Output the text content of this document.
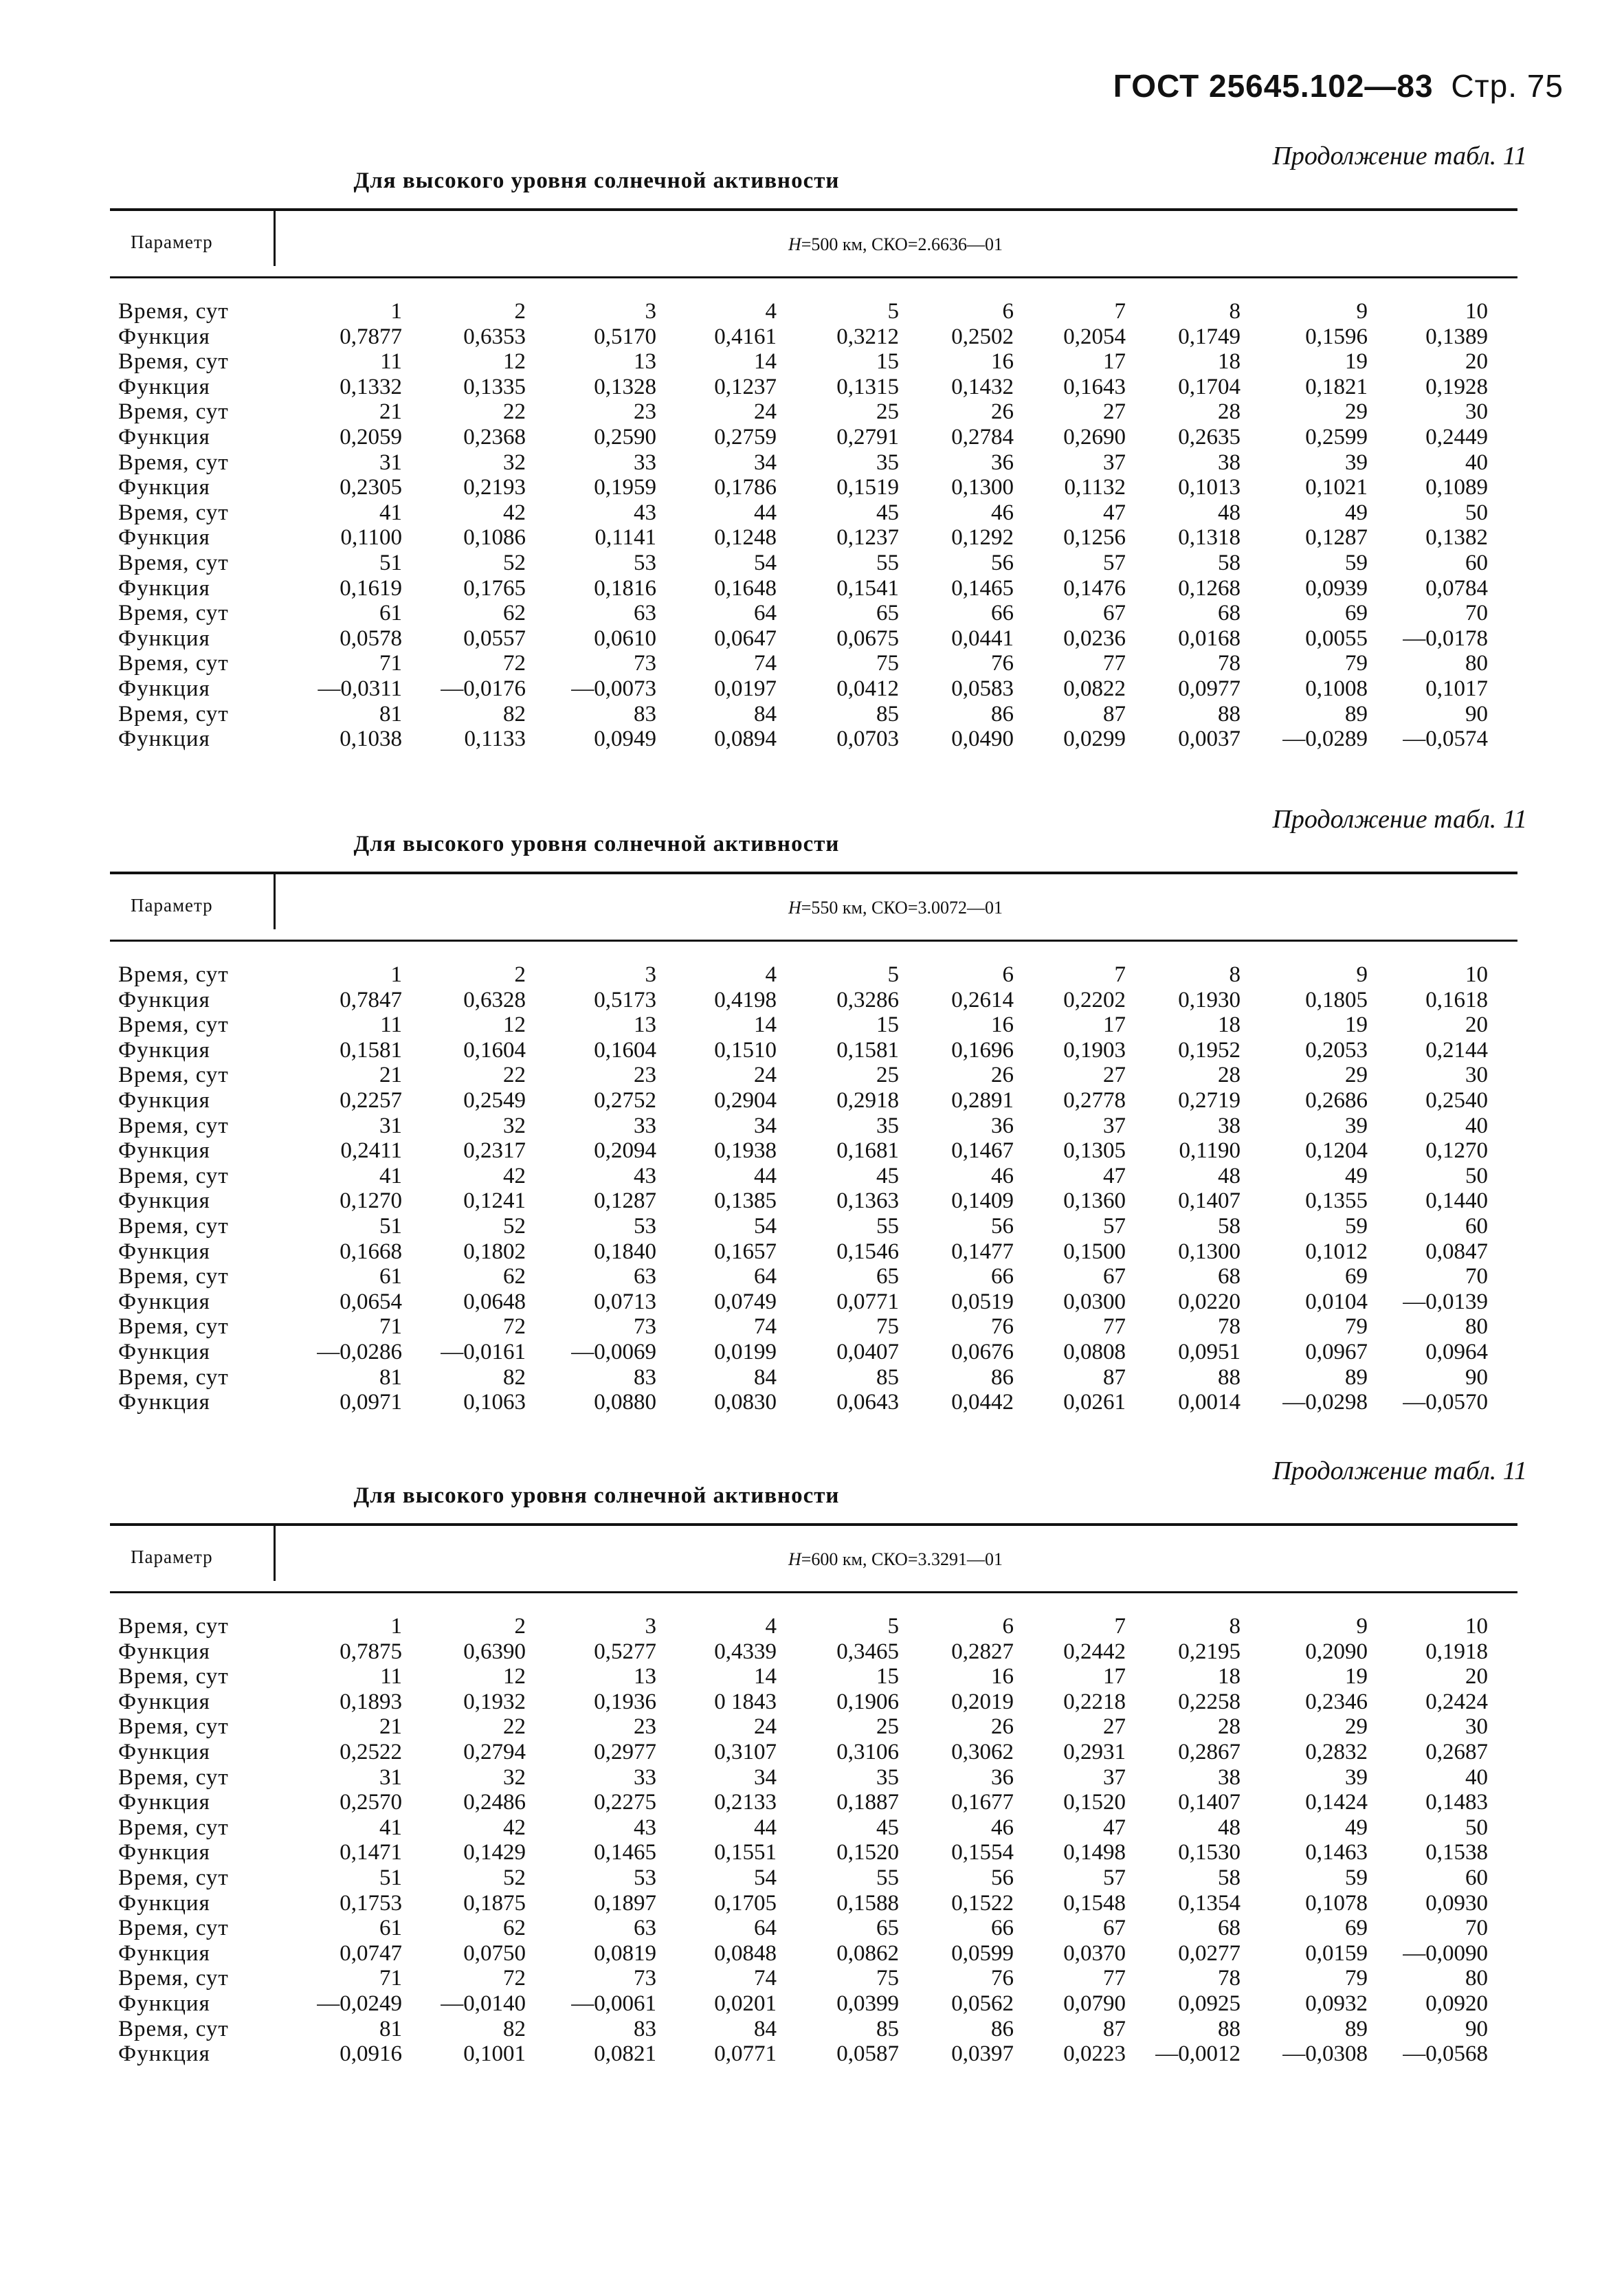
ГОСТ 25645.102—83 Стр. 75
Продолжение табл. 11
Для высокого уровня солнечной активности
Параметр	H=500 км, СКО=2.6636—01
Время, сут	1	2	3	4	5	6	7	8	9	10
Функция	0,7877	0,6353	0,5170	0,4161	0,3212	0,2502	0,2054	0,1749	0,1596	0,1389
Время, сут	11	12	13	14	15	16	17	18	19	20
Функция	0,1332	0,1335	0,1328	0,1237	0,1315	0,1432	0,1643	0,1704	0,1821	0,1928
Время, сут	21	22	23	24	25	26	27	28	29	30
Функция	0,2059	0,2368	0,2590	0,2759	0,2791	0,2784	0,2690	0,2635	0,2599	0,2449
Время, сут	31	32	33	34	35	36	37	38	39	40
Функция	0,2305	0,2193	0,1959	0,1786	0,1519	0,1300	0,1132	0,1013	0,1021	0,1089
Время, сут	41	42	43	44	45	46	47	48	49	50
Функция	0,1100	0,1086	0,1141	0,1248	0,1237	0,1292	0,1256	0,1318	0,1287	0,1382
Время, сут	51	52	53	54	55	56	57	58	59	60
Функция	0,1619	0,1765	0,1816	0,1648	0,1541	0,1465	0,1476	0,1268	0,0939	0,0784
Время, сут	61	62	63	64	65	66	67	68	69	70
Функция	0,0578	0,0557	0,0610	0,0647	0,0675	0,0441	0,0236	0,0168	0,0055	—0,0178
Время, сут	71	72	73	74	75	76	77	78	79	80
Функция	—0,0311	—0,0176	—0,0073	0,0197	0,0412	0,0583	0,0822	0,0977	0,1008	0,1017
Время, сут	81	82	83	84	85	86	87	88	89	90
Функция	0,1038	0,1133	0,0949	0,0894	0,0703	0,0490	0,0299	0,0037	—0,0289	—0,0574
Продолжение табл. 11
Для высокого уровня солнечной активности
Параметр	H=550 км, СКО=3.0072—01
Время, сут	1	2	3	4	5	6	7	8	9	10
Функция	0,7847	0,6328	0,5173	0,4198	0,3286	0,2614	0,2202	0,1930	0,1805	0,1618
Время, сут	11	12	13	14	15	16	17	18	19	20
Функция	0,1581	0,1604	0,1604	0,1510	0,1581	0,1696	0,1903	0,1952	0,2053	0,2144
Время, сут	21	22	23	24	25	26	27	28	29	30
Функция	0,2257	0,2549	0,2752	0,2904	0,2918	0,2891	0,2778	0,2719	0,2686	0,2540
Время, сут	31	32	33	34	35	36	37	38	39	40
Функция	0,2411	0,2317	0,2094	0,1938	0,1681	0,1467	0,1305	0,1190	0,1204	0,1270
Время, сут	41	42	43	44	45	46	47	48	49	50
Функция	0,1270	0,1241	0,1287	0,1385	0,1363	0,1409	0,1360	0,1407	0,1355	0,1440
Время, сут	51	52	53	54	55	56	57	58	59	60
Функция	0,1668	0,1802	0,1840	0,1657	0,1546	0,1477	0,1500	0,1300	0,1012	0,0847
Время, сут	61	62	63	64	65	66	67	68	69	70
Функция	0,0654	0,0648	0,0713	0,0749	0,0771	0,0519	0,0300	0,0220	0,0104	—0,0139
Время, сут	71	72	73	74	75	76	77	78	79	80
Функция	—0,0286	—0,0161	—0,0069	0,0199	0,0407	0,0676	0,0808	0,0951	0,0967	0,0964
Время, сут	81	82	83	84	85	86	87	88	89	90
Функция	0,0971	0,1063	0,0880	0,0830	0,0643	0,0442	0,0261	0,0014	—0,0298	—0,0570
Продолжение табл. 11
Для высокого уровня солнечной активности
Параметр	H=600 км, СКО=3.3291—01
Время, сут	1	2	3	4	5	6	7	8	9	10
Функция	0,7875	0,6390	0,5277	0,4339	0,3465	0,2827	0,2442	0,2195	0,2090	0,1918
Время, сут	11	12	13	14	15	16	17	18	19	20
Функция	0,1893	0,1932	0,1936	0 1843	0,1906	0,2019	0,2218	0,2258	0,2346	0,2424
Время, сут	21	22	23	24	25	26	27	28	29	30
Функция	0,2522	0,2794	0,2977	0,3107	0,3106	0,3062	0,2931	0,2867	0,2832	0,2687
Время, сут	31	32	33	34	35	36	37	38	39	40
Функция	0,2570	0,2486	0,2275	0,2133	0,1887	0,1677	0,1520	0,1407	0,1424	0,1483
Время, сут	41	42	43	44	45	46	47	48	49	50
Функция	0,1471	0,1429	0,1465	0,1551	0,1520	0,1554	0,1498	0,1530	0,1463	0,1538
Время, сут	51	52	53	54	55	56	57	58	59	60
Функция	0,1753	0,1875	0,1897	0,1705	0,1588	0,1522	0,1548	0,1354	0,1078	0,0930
Время, сут	61	62	63	64	65	66	67	68	69	70
Функция	0,0747	0,0750	0,0819	0,0848	0,0862	0,0599	0,0370	0,0277	0,0159	—0,0090
Время, сут	71	72	73	74	75	76	77	78	79	80
Функция	—0,0249	—0,0140	—0,0061	0,0201	0,0399	0,0562	0,0790	0,0925	0,0932	0,0920
Время, сут	81	82	83	84	85	86	87	88	89	90
Функция	0,0916	0,1001	0,0821	0,0771	0,0587	0,0397	0,0223	—0,0012	—0,0308	—0,0568
